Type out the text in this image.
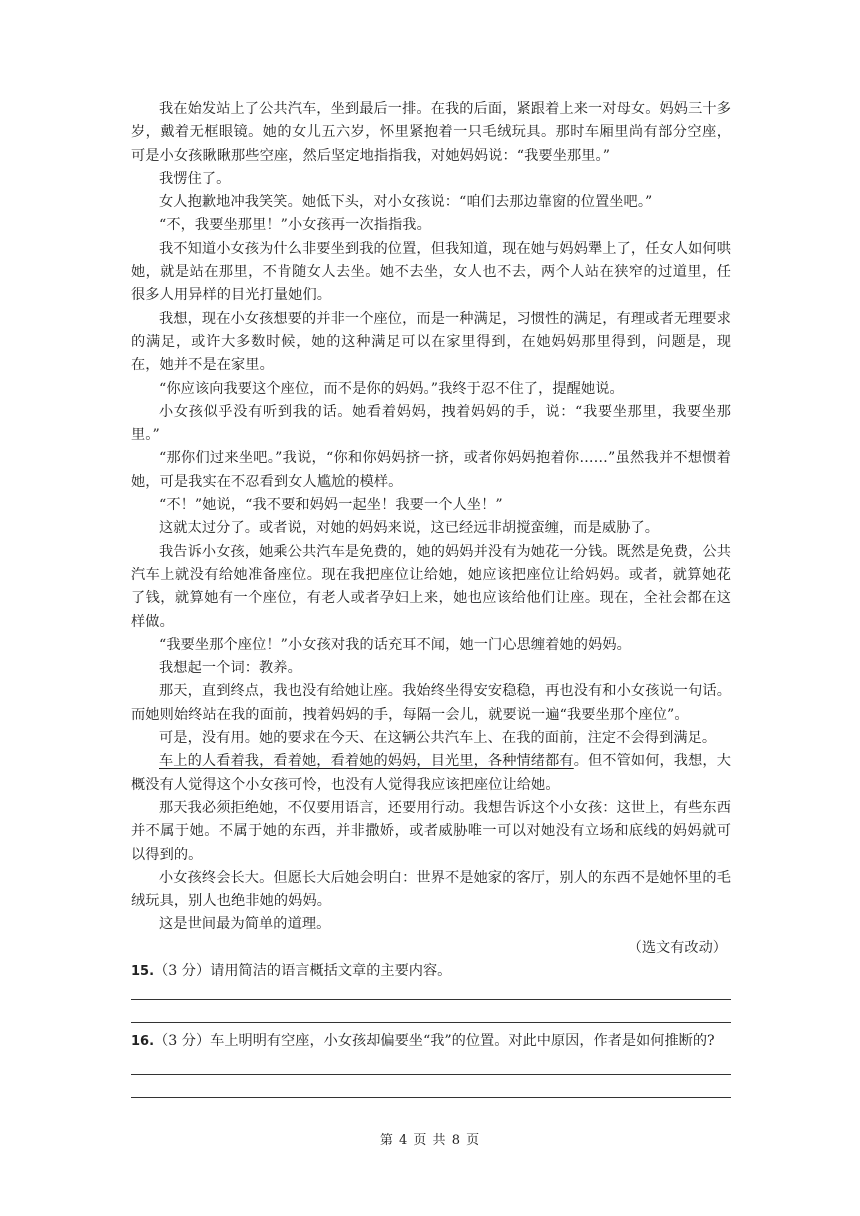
我在始发站上了公共汽车，坐到最后一排。在我的后面，紧跟着上来一对母女。妈妈三十多岁，戴着无框眼镜。她的女儿五六岁，怀里紧抱着一只毛绒玩具。那时车厢里尚有部分空座，可是小女孩瞅瞅那些空座，然后坚定地指指我，对她妈妈说：“我要坐那里。”

我愣住了。

女人抱歉地冲我笑笑。她低下头，对小女孩说：“咱们去那边靠窗的位置坐吧。”

“不，我要坐那里！”小女孩再一次指指我。

我不知道小女孩为什么非要坐到我的位置，但我知道，现在她与妈妈犟上了，任女人如何哄她，就是站在那里，不肯随女人去坐。她不去坐，女人也不去，两个人站在狭窄的过道里，任很多人用异样的目光打量她们。

我想，现在小女孩想要的并非一个座位，而是一种满足，习惯性的满足，有理或者无理要求的满足，或许大多数时候，她的这种满足可以在家里得到，在她妈妈那里得到，问题是，现在，她并不是在家里。

“你应该向我要这个座位，而不是你的妈妈。”我终于忍不住了，提醒她说。

小女孩似乎没有听到我的话。她看着妈妈，拽着妈妈的手，说：“我要坐那里，我要坐那里。”

“那你们过来坐吧。”我说，“你和你妈妈挤一挤，或者你妈妈抱着你……”虽然我并不想惯着她，可是我实在不忍看到女人尴尬的模样。

“不！”她说，“我不要和妈妈一起坐！我要一个人坐！”

这就太过分了。或者说，对她的妈妈来说，这已经远非胡搅蛮缠，而是威胁了。

我告诉小女孩，她乘公共汽车是免费的，她的妈妈并没有为她花一分钱。既然是免费，公共汽车上就没有给她准备座位。现在我把座位让给她，她应该把座位让给妈妈。或者，就算她花了钱，就算她有一个座位，有老人或者孕妇上来，她也应该给他们让座。现在，全社会都在这样做。

“我要坐那个座位！”小女孩对我的话充耳不闻，她一门心思缠着她的妈妈。

我想起一个词：教养。

那天，直到终点，我也没有给她让座。我始终坐得安安稳稳，再也没有和小女孩说一句话。而她则始终站在我的面前，拽着妈妈的手，每隔一会儿，就要说一遍“我要坐那个座位”。

可是，没有用。她的要求在今天、在这辆公共汽车上、在我的面前，注定不会得到满足。

车上的人看着我，看着她，看着她的妈妈，目光里，各种情绪都有。但不管如何，我想，大概没有人觉得这个小女孩可怜，也没有人觉得我应该把座位让给她。

那天我必须拒绝她，不仅要用语言，还要用行动。我想告诉这个小女孩：这世上，有些东西并不属于她。不属于她的东西，并非撒娇，或者威胁唯一可以对她没有立场和底线的妈妈就可以得到的。

小女孩终会长大。但愿长大后她会明白：世界不是她家的客厅，别人的东西不是她怀里的毛绒玩具，别人也绝非她的妈妈。

这是世间最为简单的道理。

（选文有改动）

15.（3 分）请用简洁的语言概括文章的主要内容。

16.（3 分）车上明明有空座，小女孩却偏要坐“我”的位置。对此中原因，作者是如何推断的?

第 4 页 共 8 页
